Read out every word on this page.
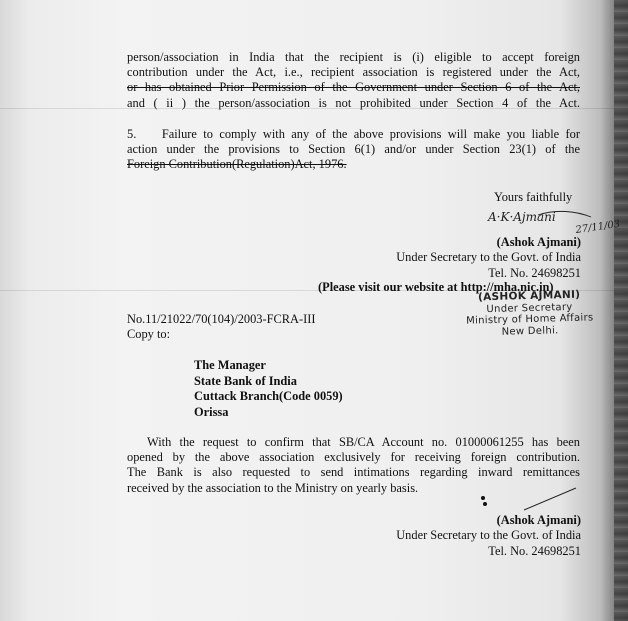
person/association in India that the recipient is (i) eligible to accept foreign
contribution under the Act, i.e., recipient association is registered under the Act,
or has obtained Prior Permission of the Government under Section 6 of the Act,
and ( ii ) the person/association is not prohibited under Section 4 of the Act.
5.    Failure to comply with any of the above provisions will make you liable for
action under the provisions to Section 6(1) and/or under Section 23(1) of the
Foreign Contribution(Regulation)Act, 1976.
Yours faithfully
A·K·Ajmani
27/11/03
(Ashok Ajmani)
Under Secretary to the Govt. of India
Tel. No. 24698251
(Please visit our website at http://mha.nic.in)
(ASHOK AJMANI)
Under Secretary
Ministry of Home Affairs
New Delhi.
No.11/21022/70(104)/2003-FCRA-III
Copy to:
The Manager
State Bank of India
Cuttack Branch(Code 0059)
Orissa
With the request to confirm that SB/CA Account no. 01000061255 has been
opened by the above association exclusively for receiving foreign contribution.
The Bank is also requested to send intimations regarding inward remittances
received by the association to the Ministry on yearly basis.
(Ashok Ajmani)
Under Secretary to the Govt. of India
Tel. No. 24698251
